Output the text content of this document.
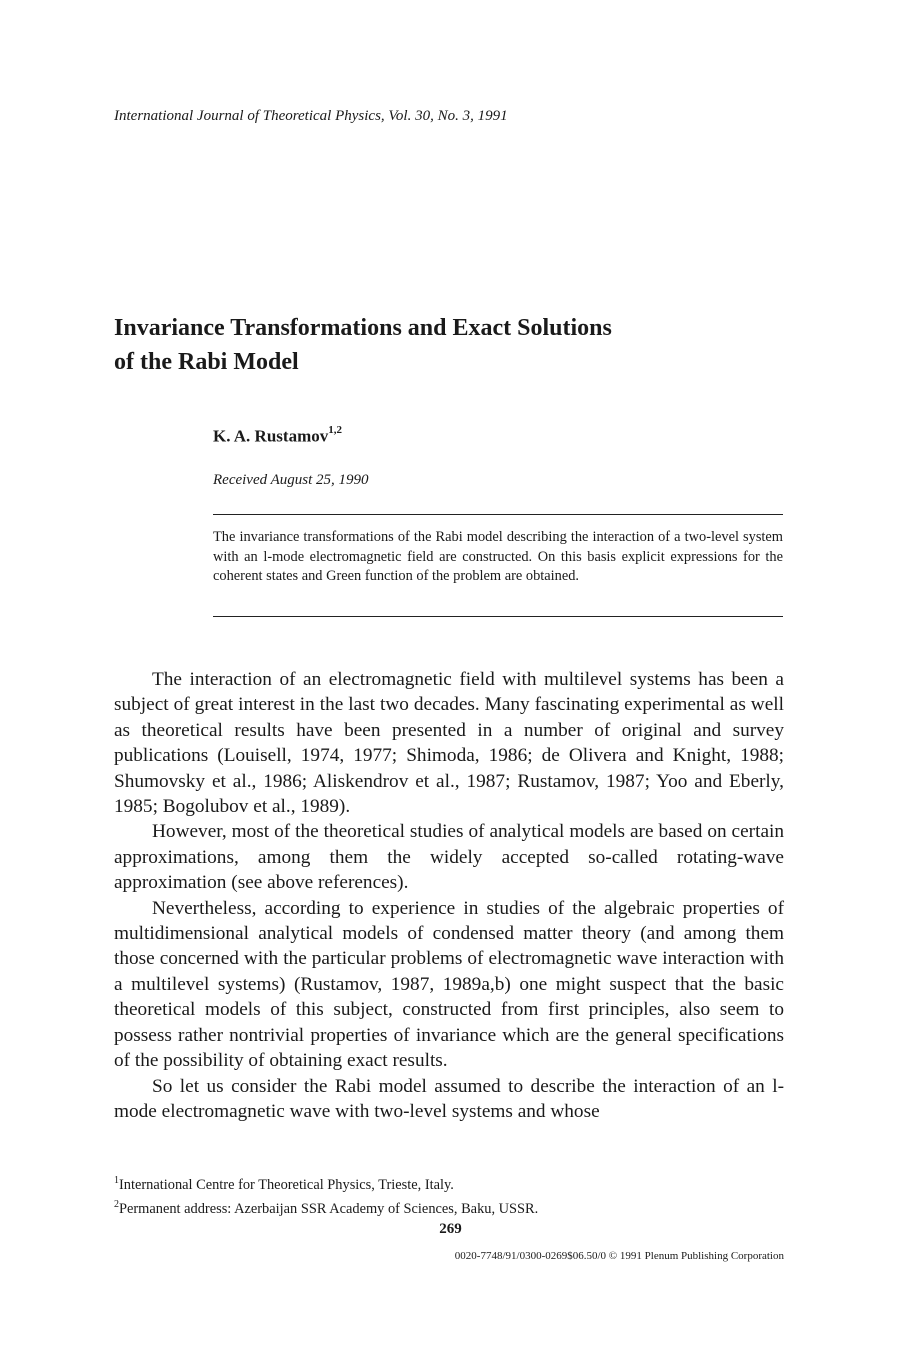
International Journal of Theoretical Physics, Vol. 30, No. 3, 1991
Invariance Transformations and Exact Solutions
of the Rabi Model
K. A. Rustamov$^{1,2}$
Received August 25, 1990

The invariance transformations of the Rabi model describing the interaction of a two-level system with an l-mode electromagnetic field are constructed. On this basis explicit expressions for the coherent states and Green function of the problem are obtained.

The interaction of an electromagnetic field with multilevel systems has been a subject of great interest in the last two decades. Many fascinating experimental as well as theoretical results have been presented in a number of original and survey publications (Louisell, 1974, 1977; Shimoda, 1986; de Olivera and Knight, 1988; Shumovsky et al., 1986; Aliskendrov et al., 1987; Rustamov, 1987; Yoo and Eberly, 1985; Bogolubov et al., 1989).

However, most of the theoretical studies of analytical models are based on certain approximations, among them the widely accepted so-called rotating-wave approximation (see above references).

Nevertheless, according to experience in studies of the algebraic properties of multidimensional analytical models of condensed matter theory (and among them those concerned with the particular problems of electromagnetic wave interaction with a multilevel systems) (Rustamov, 1987, 1989a,b) one might suspect that the basic theoretical models of this subject, constructed from first principles, also seem to possess rather nontrivial properties of invariance which are the general specifications of the possibility of obtaining exact results.

So let us consider the Rabi model assumed to describe the interaction of an l-mode electromagnetic wave with two-level systems and whose

$^1$International Centre for Theoretical Physics, Trieste, Italy.
$^2$Permanent address: Azerbaijan SSR Academy of Sciences, Baku, USSR.
269
0020-7748/91/0300-0269$06.50/0 © 1991 Plenum Publishing Corporation
